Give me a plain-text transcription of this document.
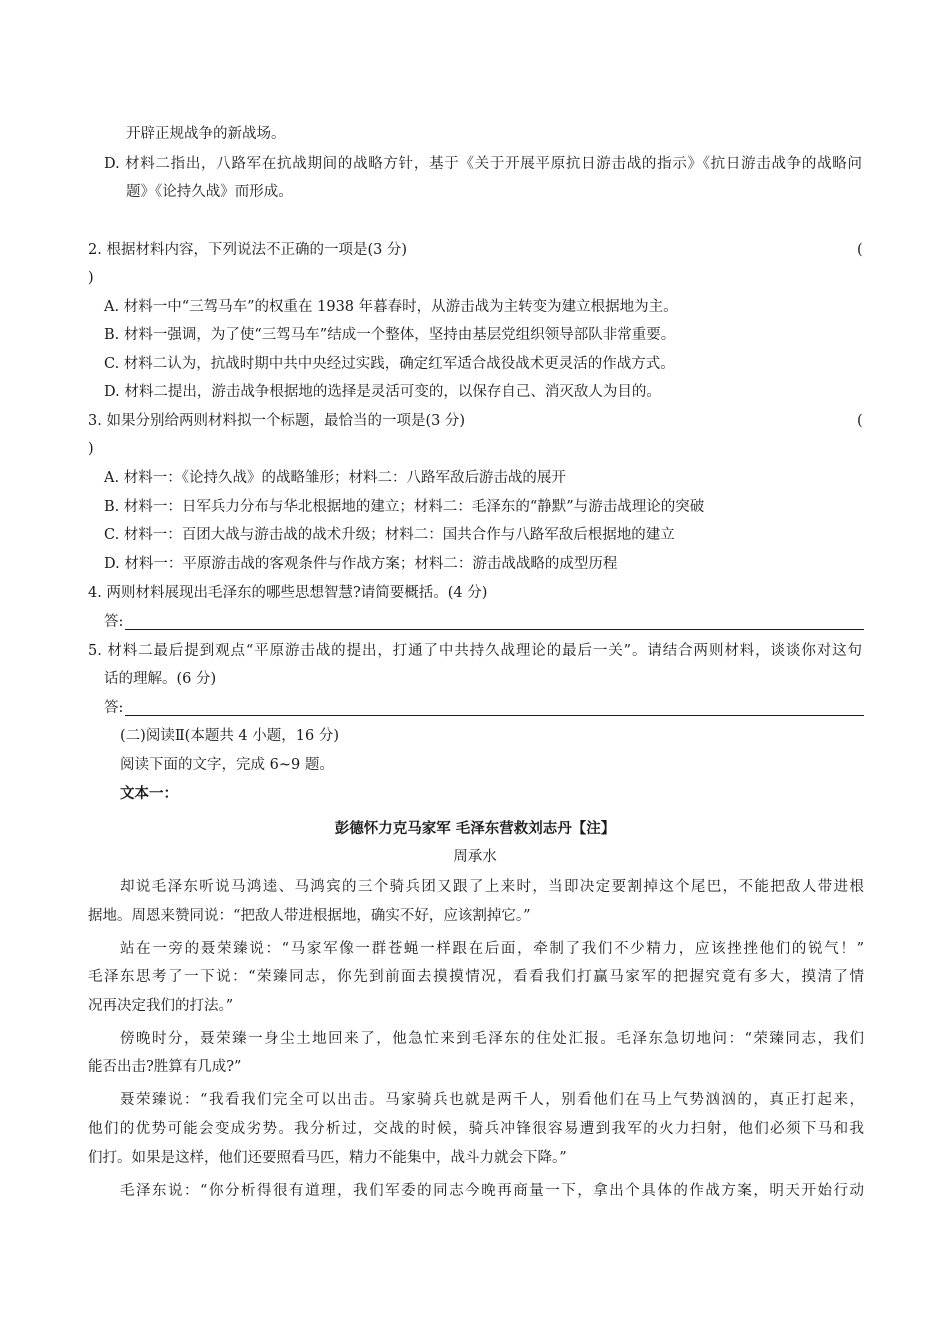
开辟正规战争的新战场。
D. 材料二指出，八路军在抗战期间的战略方针，基于《关于开展平原抗日游击战的指示》《抗日游击战争的战略问
题》《论持久战》而形成。
2. 根据材料内容，下列说法不正确的一项是(3 分)	(
)
A. 材料一中“三驾马车”的权重在 1938 年暮春时，从游击战为主转变为建立根据地为主。
B. 材料一强调，为了使“三驾马车”结成一个整体，坚持由基层党组织领导部队非常重要。
C. 材料二认为，抗战时期中共中央经过实践，确定红军适合战役战术更灵活的作战方式。
D. 材料二提出，游击战争根据地的选择是灵活可变的，以保存自己、消灭敌人为目的。
3. 如果分别给两则材料拟一个标题，最恰当的一项是(3 分)	(
)
A. 材料一：《论持久战》的战略雏形；材料二：八路军敌后游击战的展开
B. 材料一：日军兵力分布与华北根据地的建立；材料二：毛泽东的“静默”与游击战理论的突破
C. 材料一：百团大战与游击战的战术升级；材料二：国共合作与八路军敌后根据地的建立
D. 材料一：平原游击战的客观条件与作战方案；材料二：游击战战略的成型历程
4. 两则材料展现出毛泽东的哪些思想智慧?请简要概括。(4 分)
答:
5. 材料二最后提到观点“平原游击战的提出，打通了中共持久战理论的最后一关”。请结合两则材料，谈谈你对这句
话的理解。(6 分)
答:
(二)阅读Ⅱ(本题共 4 小题，16 分)
阅读下面的文字，完成 6~9 题。
文本一：
彭德怀力克马家军 毛泽东营救刘志丹【注】
周承水
却说毛泽东听说马鸿逵、马鸿宾的三个骑兵团又跟了上来时，当即决定要割掉这个尾巴，不能把敌人带进根
据地。周恩来赞同说：“把敌人带进根据地，确实不好，应该割掉它。”
站在一旁的聂荣臻说：“马家军像一群苍蝇一样跟在后面，牵制了我们不少精力，应该挫挫他们的锐气！”
毛泽东思考了一下说：“荣臻同志，你先到前面去摸摸情况，看看我们打赢马家军的把握究竟有多大，摸清了情
况再决定我们的打法。”
傍晚时分，聂荣臻一身尘土地回来了，他急忙来到毛泽东的住处汇报。毛泽东急切地问：“荣臻同志，我们
能否出击?胜算有几成?”
聂荣臻说：“我看我们完全可以出击。马家骑兵也就是两千人，别看他们在马上气势汹汹的，真正打起来，
他们的优势可能会变成劣势。我分析过，交战的时候，骑兵冲锋很容易遭到我军的火力扫射，他们必须下马和我
们打。如果是这样，他们还要照看马匹，精力不能集中，战斗力就会下降。”
毛泽东说：“你分析得很有道理，我们军委的同志今晚再商量一下，拿出个具体的作战方案，明天开始行动
